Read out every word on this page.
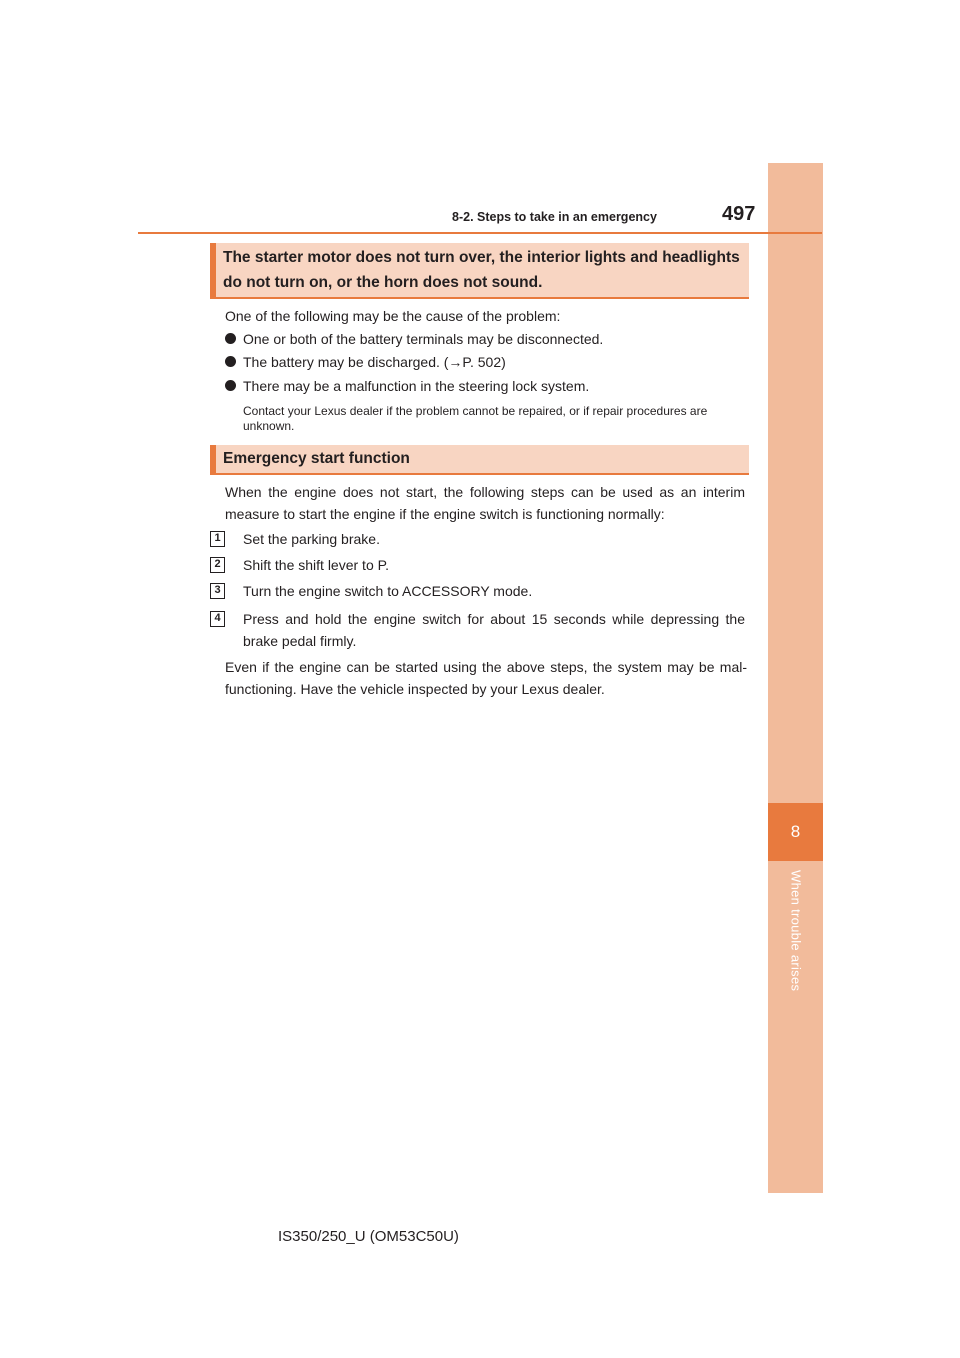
8
When trouble arises
8-2. Steps to take in an emergency	497
The starter motor does not turn over, the interior lights and headlights do not turn on, or the horn does not sound.
One of the following may be the cause of the problem:
One or both of the battery terminals may be disconnected.
The battery may be discharged. (→P. 502)
There may be a malfunction in the steering lock system.
Contact your Lexus dealer if the problem cannot be repaired, or if repair procedures are unknown.
Emergency start function
When the engine does not start, the following steps can be used as an interim measure to start the engine if the engine switch is functioning normally:
1	Set the parking brake.
2	Shift the shift lever to P.
3	Turn the engine switch to ACCESSORY mode.
4	Press and hold the engine switch for about 15 seconds while depressing the brake pedal firmly.
Even if the engine can be started using the above steps, the system may be mal-functioning. Have the vehicle inspected by your Lexus dealer.
IS350/250_U (OM53C50U)
